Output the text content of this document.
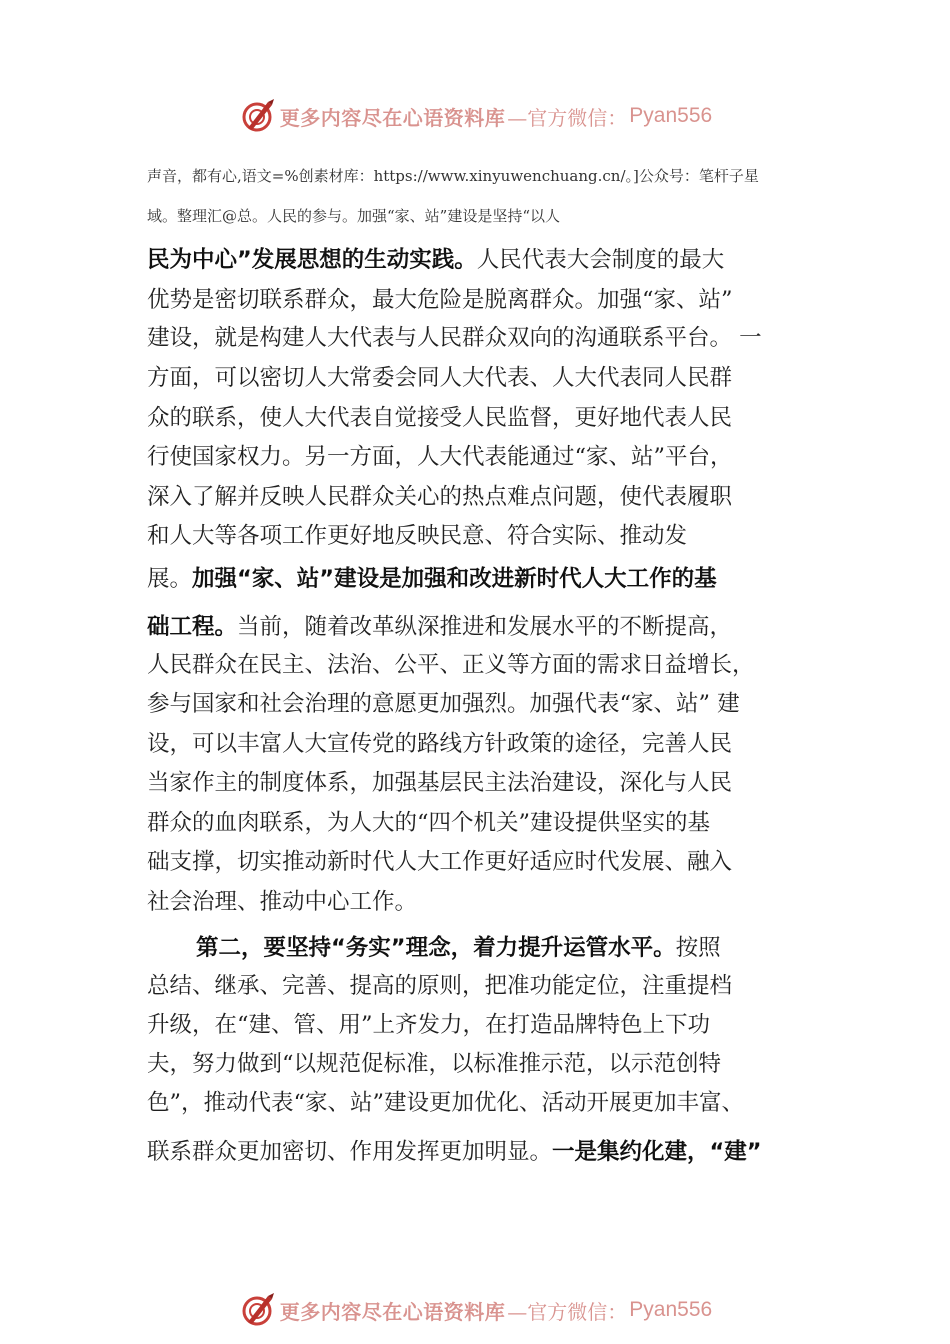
更多内容尽在心语资料库 —官方微信： Pyan556
声音，都有心,语文=%创素材库：https://www.xinyuwenchuang.cn/。]公众号：笔杆子星
域。整理汇@总。人民的参与。加强“家、站”建设是坚持“以人
民为中心”发展思想的生动实践。人民代表大会制度的最大
优势是密切联系群众，最大危险是脱离群众。加强“家、站”
建设，就是构建人大代表与人民群众双向的沟通联系平台。 一
方面，可以密切人大常委会同人大代表、人大代表同人民群
众的联系，使人大代表自觉接受人民监督，更好地代表人民
行使国家权力。另一方面，人大代表能通过“家、站”平台，
深入了解并反映人民群众关心的热点难点问题，使代表履职
和人大等各项工作更好地反映民意、符合实际、推动发
展。加强“家、站”建设是加强和改进新时代人大工作的基
础工程。当前，随着改革纵深推进和发展水平的不断提高，
人民群众在民主、法治、公平、正义等方面的需求日益增长，
参与国家和社会治理的意愿更加强烈。加强代表“家、站” 建
设，可以丰富人大宣传党的路线方针政策的途径，完善人民
当家作主的制度体系，加强基层民主法治建设，深化与人民
群众的血肉联系，为人大的“四个机关”建设提供坚实的基
础支撑，切实推动新时代人大工作更好适应时代发展、融入
社会治理、推动中心工作。
第二，要坚持“务实”理念，着力提升运管水平。按照
总结、继承、完善、提高的原则，把准功能定位，注重提档
升级，在“建、管、用”上齐发力，在打造品牌特色上下功
夫，努力做到“以规范促标准，以标准推示范，以示范创特
色”，推动代表“家、站”建设更加优化、活动开展更加丰富、
联系群众更加密切、作用发挥更加明显。一是集约化建，“建”
更多内容尽在心语资料库 —官方微信： Pyan556
